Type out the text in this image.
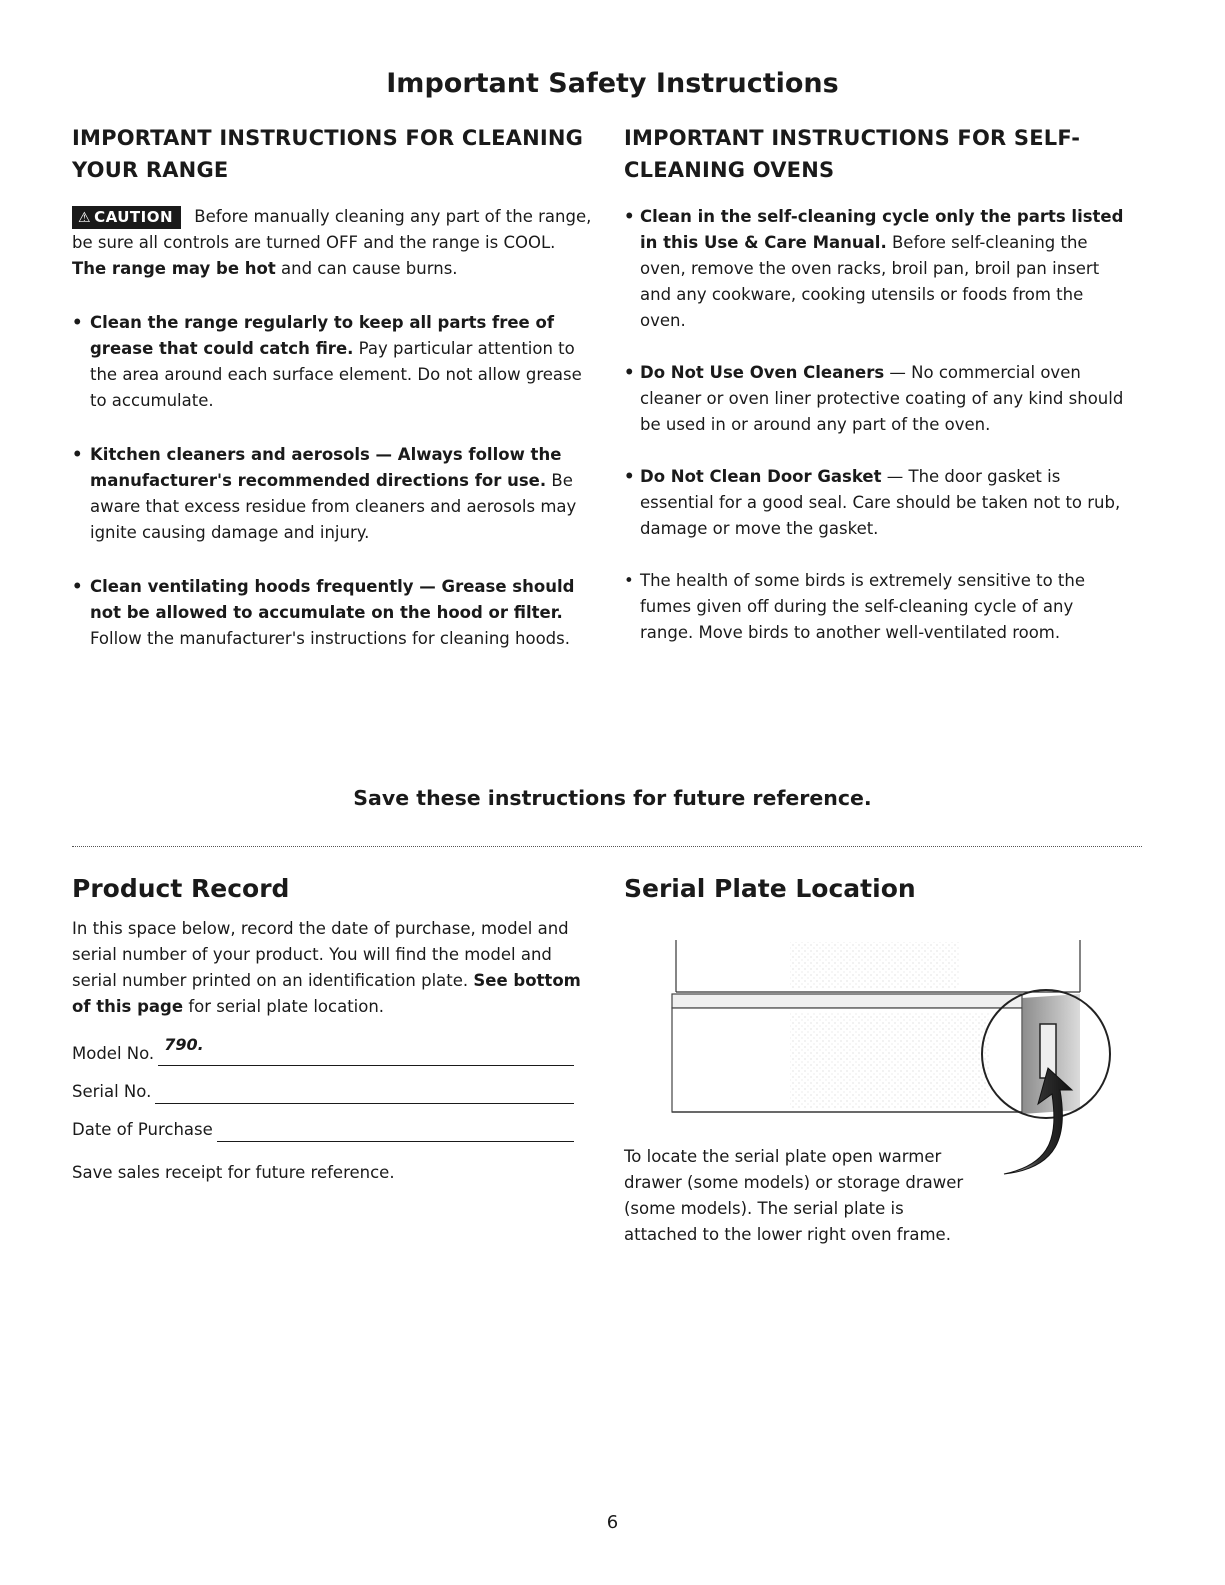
Important Safety Instructions
IMPORTANT INSTRUCTIONS FOR CLEANING YOUR RANGE

⚠ CAUTION Before manually cleaning any part of the range, be sure all controls are turned OFF and the range is COOL. The range may be hot and can cause burns.

• Clean the range regularly to keep all parts free of grease that could catch fire. Pay particular attention to the area around each surface element. Do not allow grease to accumulate.

• Kitchen cleaners and aerosols — Always follow the manufacturer's recommended directions for use. Be aware that excess residue from cleaners and aerosols may ignite causing damage and injury.

• Clean ventilating hoods frequently — Grease should not be allowed to accumulate on the hood or filter. Follow the manufacturer's instructions for cleaning hoods.

IMPORTANT INSTRUCTIONS FOR SELF-CLEANING OVENS

• Clean in the self-cleaning cycle only the parts listed in this Use & Care Manual. Before self-cleaning the oven, remove the oven racks, broil pan, broil pan insert and any cookware, cooking utensils or foods from the oven.

• Do Not Use Oven Cleaners — No commercial oven cleaner or oven liner protective coating of any kind should be used in or around any part of the oven.

• Do Not Clean Door Gasket — The door gasket is essential for a good seal. Care should be taken not to rub, damage or move the gasket.

• The health of some birds is extremely sensitive to the fumes given off during the self-cleaning cycle of any range. Move birds to another well-ventilated room.

Save these instructions for future reference.

Product Record

In this space below, record the date of purchase, model and serial number of your product. You will find the model and serial number printed on an identification plate. See bottom of this page for serial plate location.

Model No. 790.
Serial No.
Date of Purchase

Save sales receipt for future reference.

Serial Plate Location

To locate the serial plate open warmer drawer (some models) or storage drawer (some models). The serial plate is attached to the lower right oven frame.

6
